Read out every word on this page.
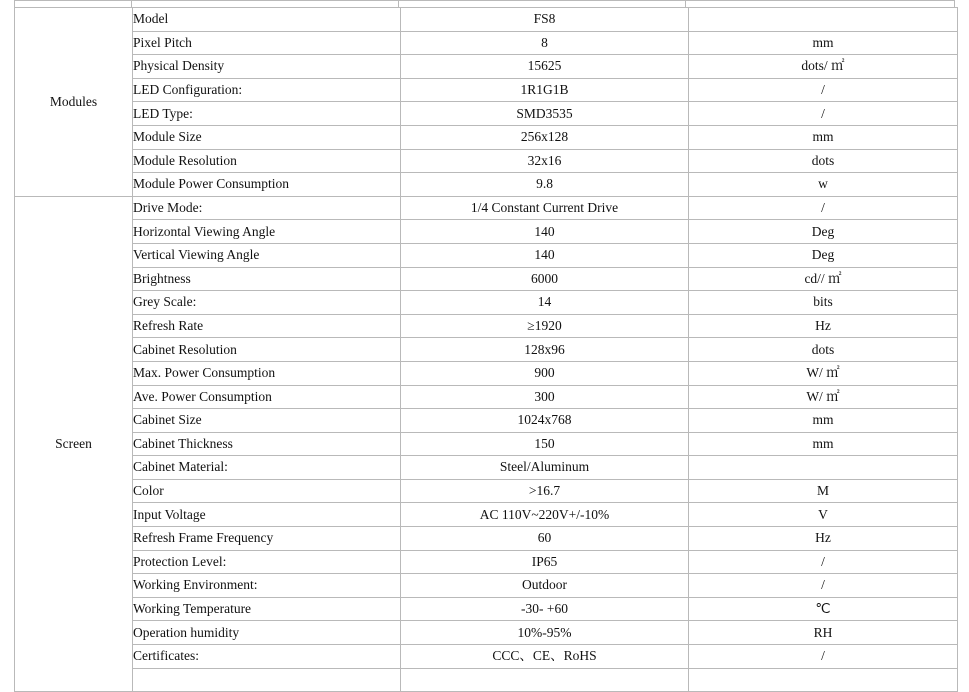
Modules	Model	FS8	
	Pixel Pitch	8	mm
	Physical Density	15625	dots/ ㎡
	LED Configuration:	1R1G1B	/
	LED Type:	SMD3535	/
	Module Size	256x128	mm
	Module Resolution	32x16	dots
	Module Power Consumption	9.8	w
Screen	Drive Mode:	1/4 Constant Current Drive	/
	Horizontal Viewing Angle	140	Deg
	Vertical Viewing Angle	140	Deg
	Brightness	6000	cd// ㎡
	Grey Scale:	14	bits
	Refresh Rate	≥1920	Hz
	Cabinet Resolution	128x96	dots
	Max. Power Consumption	900	W/ ㎡
	Ave. Power Consumption	300	W/ ㎡
	Cabinet Size	1024x768	mm
	Cabinet Thickness	150	mm
	Cabinet Material:	Steel/Aluminum	
	Color	>16.7	M
	Input Voltage	AC 110V~220V+/-10%	V
	Refresh Frame Frequency	60	Hz
	Protection Level:	IP65	/
	Working Environment:	Outdoor	/
	Working Temperature	-30- +60	℃
	Operation humidity	10%-95%	RH
	Certificates:	CCC、CE、RoHS	/
